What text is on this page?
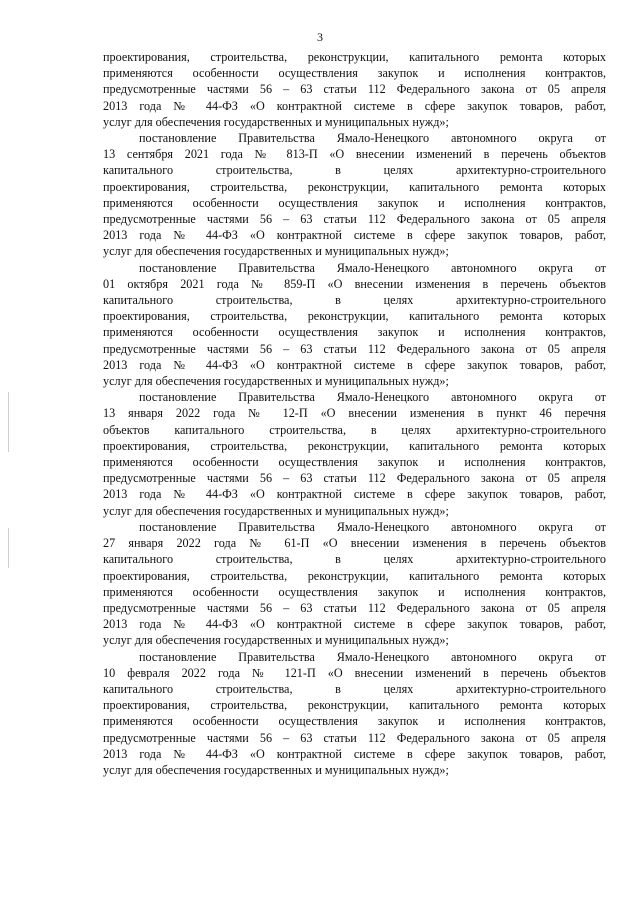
3

проектирования, строительства, реконструкции, капитального ремонта которых
применяются особенности осуществления закупок и исполнения контрактов,
предусмотренные частями 56 – 63 статьи 112 Федерального закона от 05 апреля
2013 года № 44-ФЗ «О контрактной системе в сфере закупок товаров, работ,
услуг для обеспечения государственных и муниципальных нужд»;

постановление Правительства Ямало-Ненецкого автономного округа от
13 сентября 2021 года № 813-П «О внесении изменений в перечень объектов
капитального строительства, в целях архитектурно-строительного
проектирования, строительства, реконструкции, капитального ремонта которых
применяются особенности осуществления закупок и исполнения контрактов,
предусмотренные частями 56 – 63 статьи 112 Федерального закона от 05 апреля
2013 года № 44-ФЗ «О контрактной системе в сфере закупок товаров, работ,
услуг для обеспечения государственных и муниципальных нужд»;

постановление Правительства Ямало-Ненецкого автономного округа от
01 октября 2021 года № 859-П «О внесении изменения в перечень объектов
капитального строительства, в целях архитектурно-строительного
проектирования, строительства, реконструкции, капитального ремонта которых
применяются особенности осуществления закупок и исполнения контрактов,
предусмотренные частями 56 – 63 статьи 112 Федерального закона от 05 апреля
2013 года № 44-ФЗ «О контрактной системе в сфере закупок товаров, работ,
услуг для обеспечения государственных и муниципальных нужд»;

постановление Правительства Ямало-Ненецкого автономного округа от
13 января 2022 года № 12-П «О внесении изменения в пункт 46 перечня
объектов капитального строительства, в целях архитектурно-строительного
проектирования, строительства, реконструкции, капитального ремонта которых
применяются особенности осуществления закупок и исполнения контрактов,
предусмотренные частями 56 – 63 статьи 112 Федерального закона от 05 апреля
2013 года № 44-ФЗ «О контрактной системе в сфере закупок товаров, работ,
услуг для обеспечения государственных и муниципальных нужд»;

постановление Правительства Ямало-Ненецкого автономного округа от
27 января 2022 года № 61-П «О внесении изменения в перечень объектов
капитального строительства, в целях архитектурно-строительного
проектирования, строительства, реконструкции, капитального ремонта которых
применяются особенности осуществления закупок и исполнения контрактов,
предусмотренные частями 56 – 63 статьи 112 Федерального закона от 05 апреля
2013 года № 44-ФЗ «О контрактной системе в сфере закупок товаров, работ,
услуг для обеспечения государственных и муниципальных нужд»;

постановление Правительства Ямало-Ненецкого автономного округа от
10 февраля 2022 года № 121-П «О внесении изменений в перечень объектов
капитального строительства, в целях архитектурно-строительного
проектирования, строительства, реконструкции, капитального ремонта которых
применяются особенности осуществления закупок и исполнения контрактов,
предусмотренные частями 56 – 63 статьи 112 Федерального закона от 05 апреля
2013 года № 44-ФЗ «О контрактной системе в сфере закупок товаров, работ,
услуг для обеспечения государственных и муниципальных нужд»;
